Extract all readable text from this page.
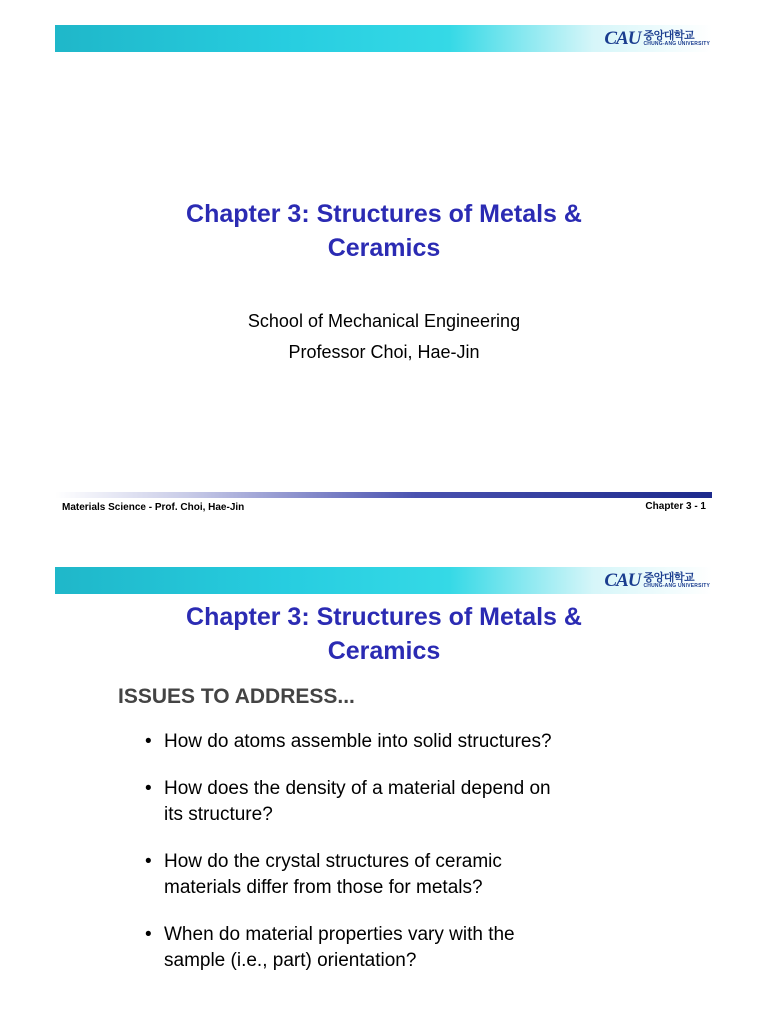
CAU 중앙대학교
CHUNG-ANG UNIVERSITY
Chapter 3: Structures of Metals &
Ceramics

School of Mechanical Engineering

Professor Choi, Hae-Jin

Materials Science - Prof. Choi, Hae-Jin	Chapter 3 - 1
CAU 중앙대학교
CHUNG-ANG UNIVERSITY
Chapter 3: Structures of Metals &
Ceramics

ISSUES TO ADDRESS...

• How do atoms assemble into solid structures?
• How does the density of a material depend on
its structure?
• How do the crystal structures of ceramic
materials differ from those for metals?
• When do material properties vary with the
sample (i.e., part) orientation?
